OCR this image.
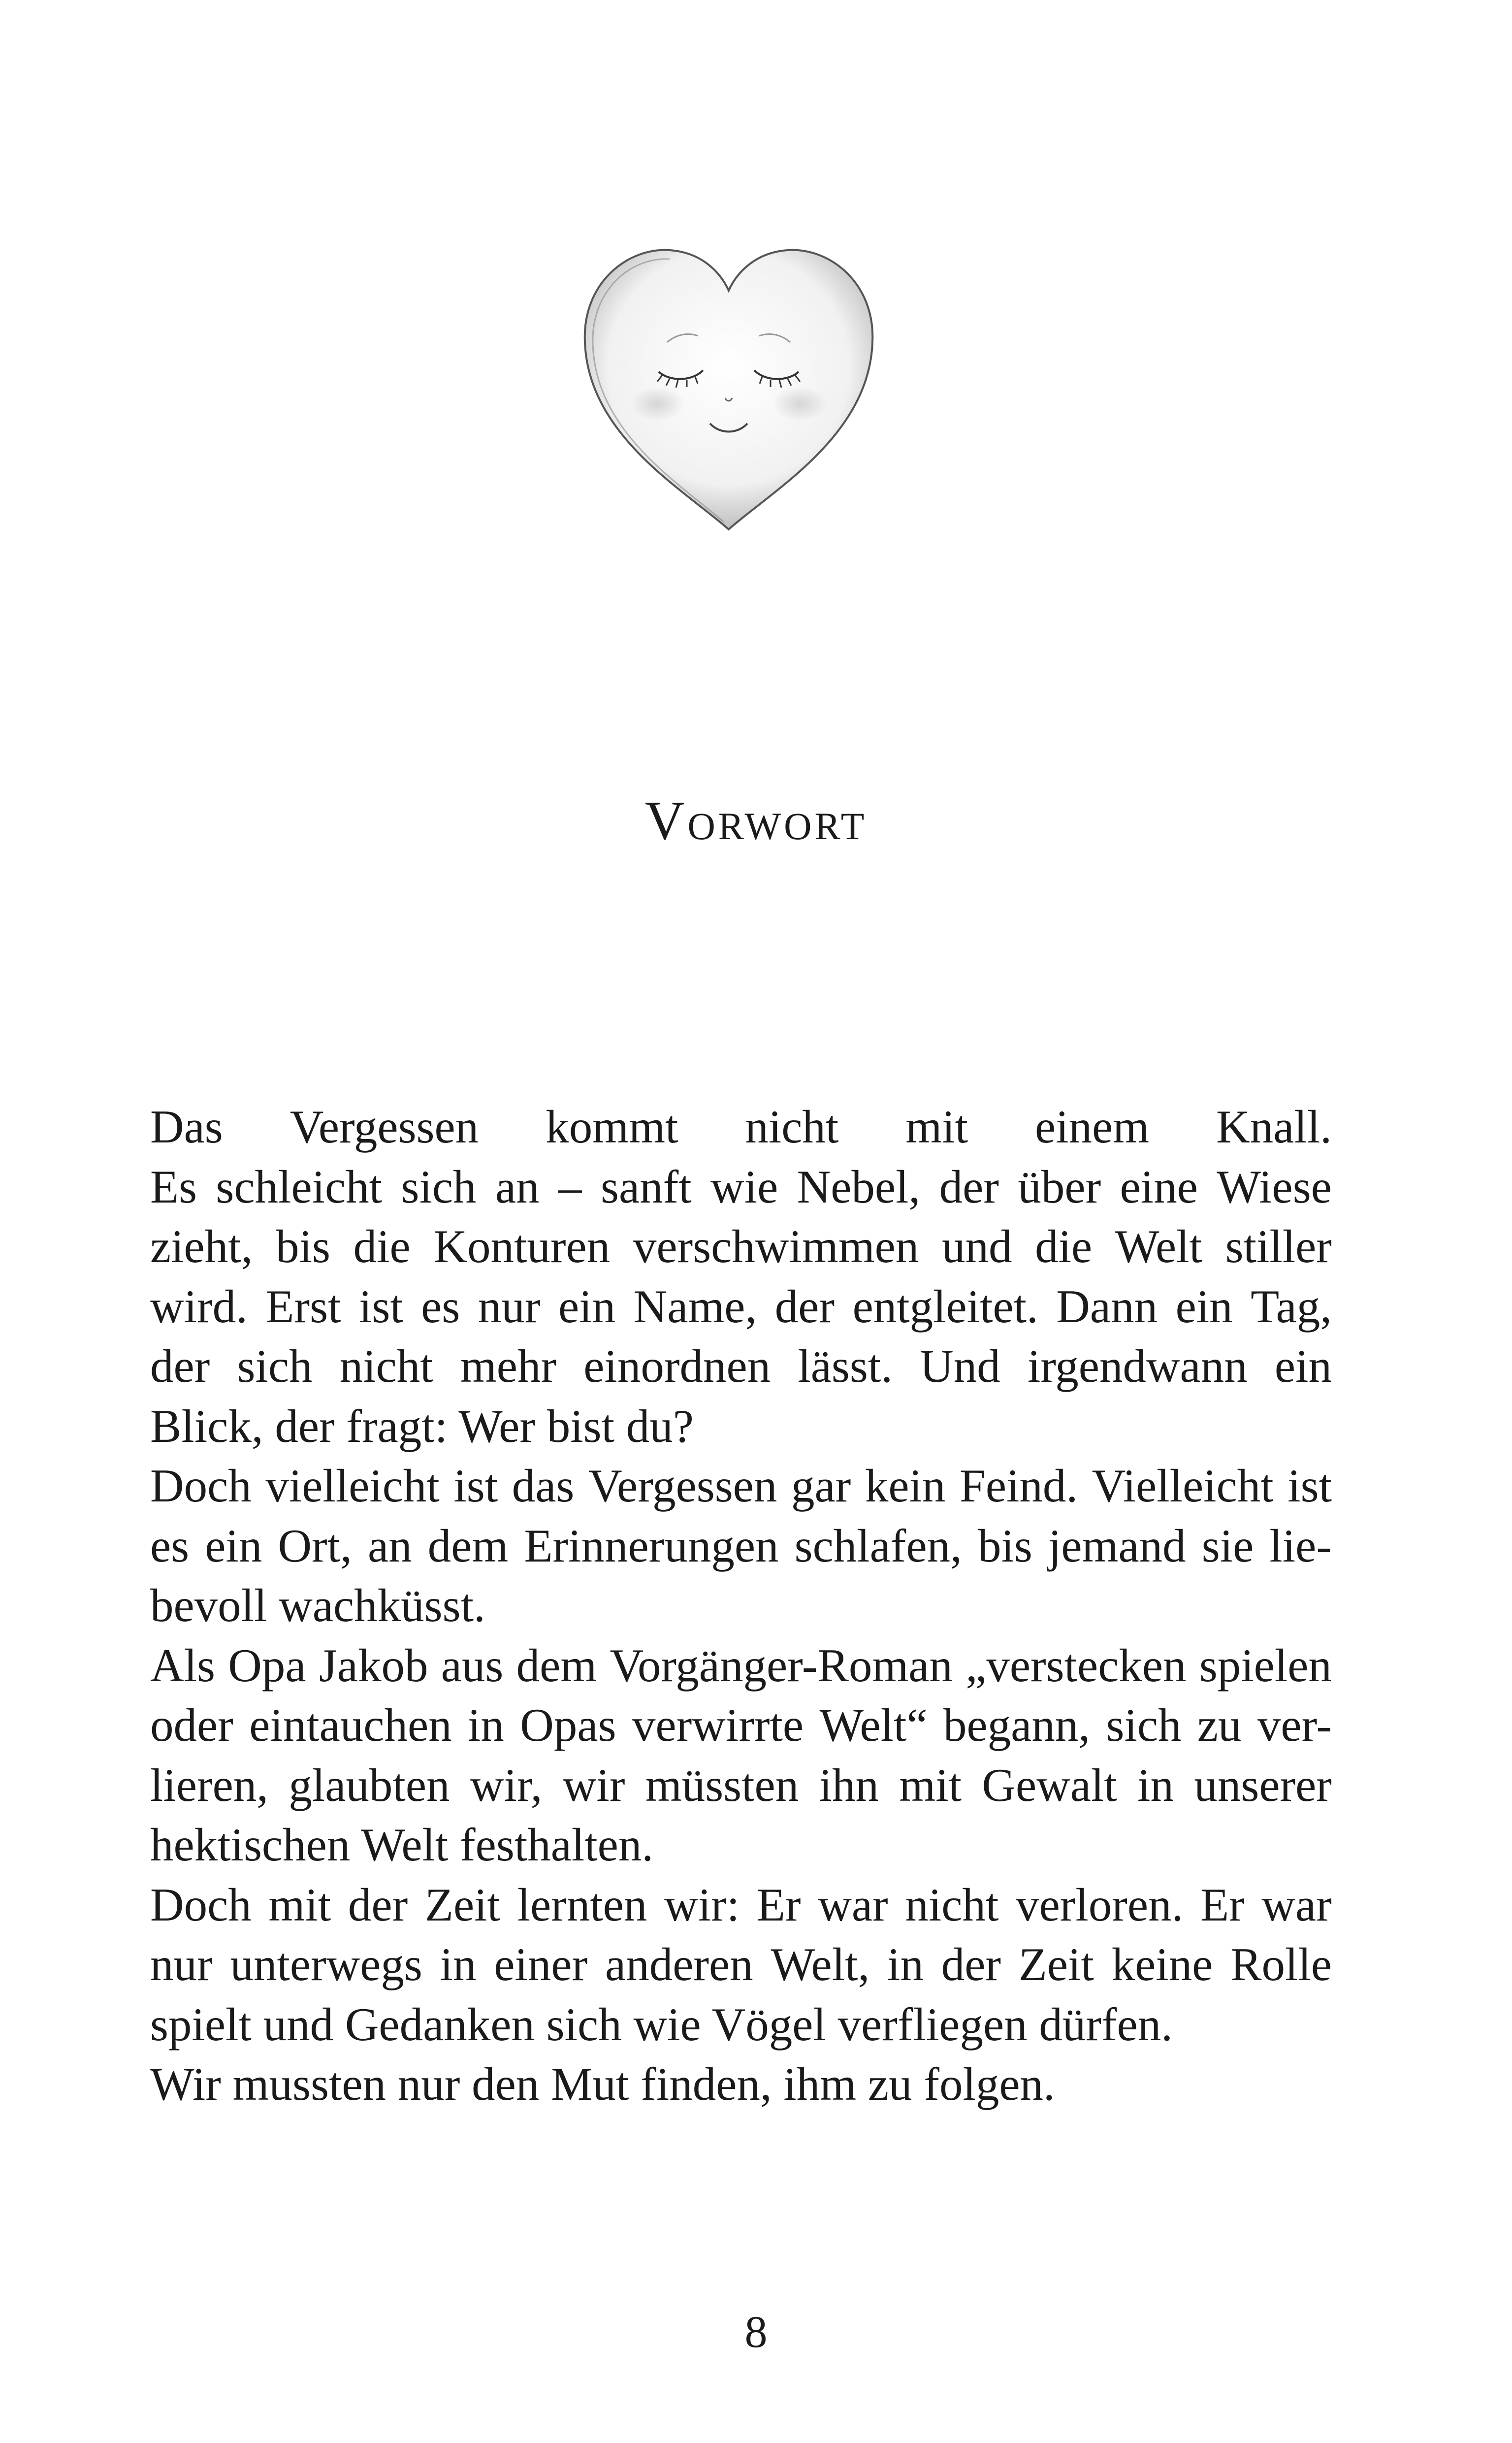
Vorwort
Das Vergessen kommt nicht mit einem Knall.
Es schleicht sich an – sanft wie Nebel, der über eine Wiese
zieht, bis die Konturen verschwimmen und die Welt stiller
wird. Erst ist es nur ein Name, der entgleitet. Dann ein Tag,
der sich nicht mehr einordnen lässt. Und irgendwann ein
Blick, der fragt: Wer bist du?
Doch vielleicht ist das Vergessen gar kein Feind. Vielleicht ist
es ein Ort, an dem Erinnerungen schlafen, bis jemand sie lie-
bevoll wachküsst.
Als Opa Jakob aus dem Vorgänger-Roman „verstecken spielen
oder eintauchen in Opas verwirrte Welt“ begann, sich zu ver-
lieren, glaubten wir, wir müssten ihn mit Gewalt in unserer
hektischen Welt festhalten.
Doch mit der Zeit lernten wir: Er war nicht verloren. Er war
nur unterwegs in einer anderen Welt, in der Zeit keine Rolle
spielt und Gedanken sich wie Vögel verfliegen dürfen.
Wir mussten nur den Mut finden, ihm zu folgen.
8
